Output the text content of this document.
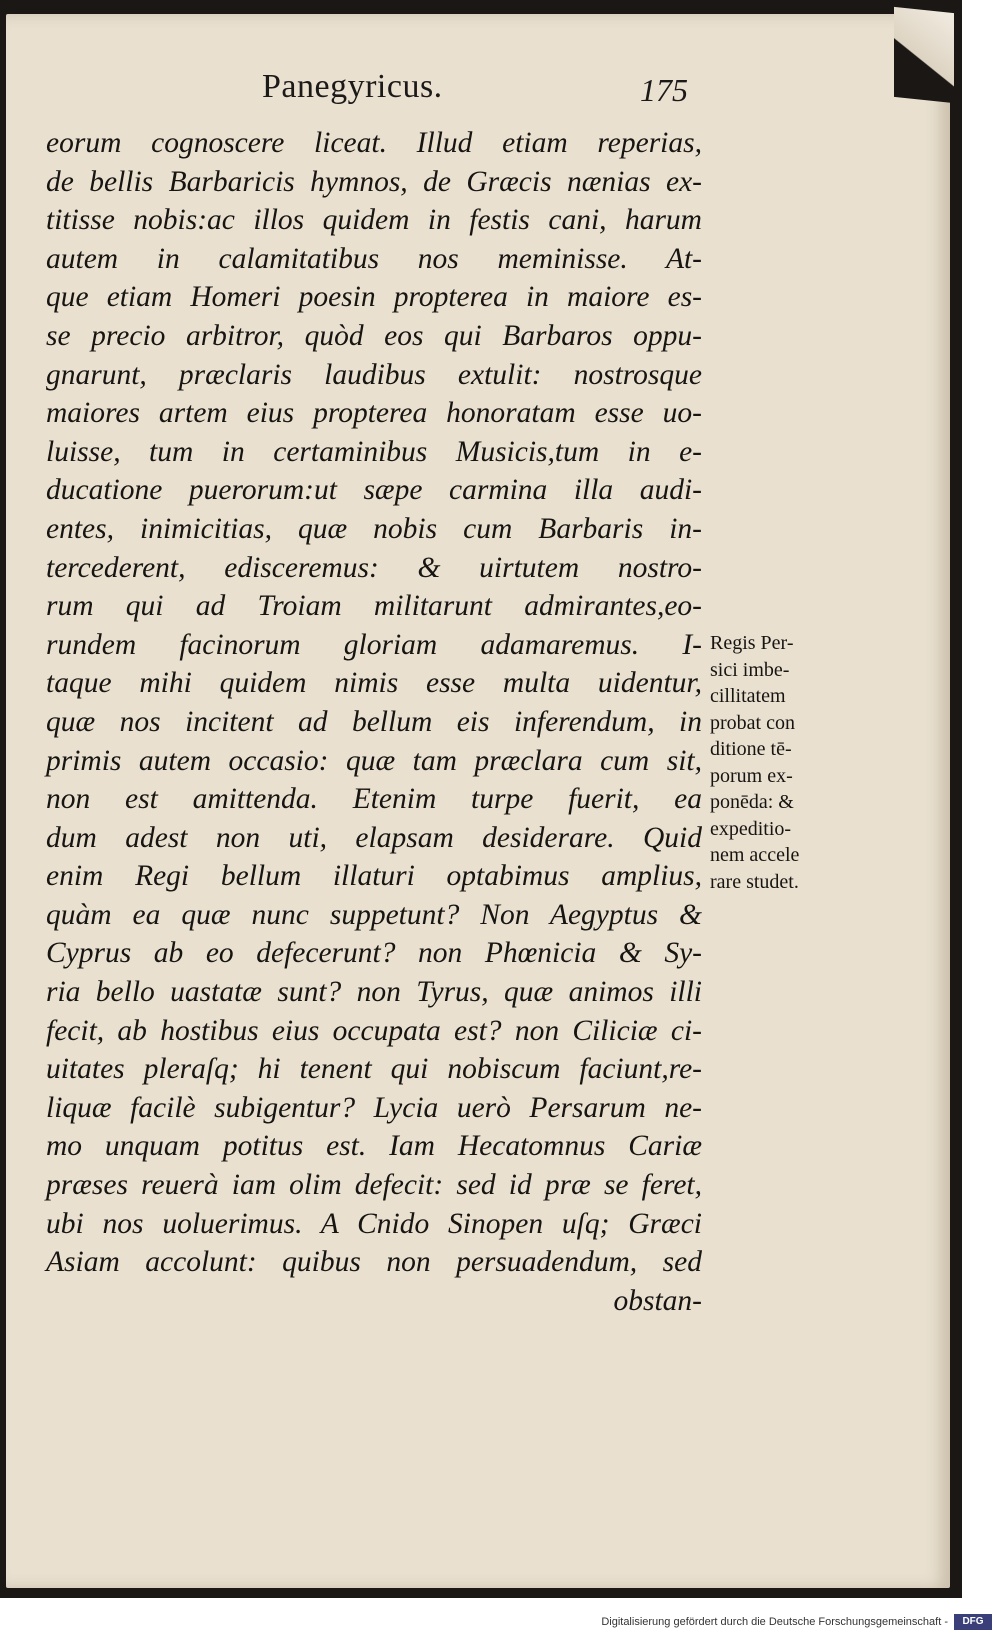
Panegyricus.	175
eorum cognoscere liceat. Illud etiam reperias,
de bellis Barbaricis hymnos, de Græcis nænias ex-
titisse nobis:ac illos quidem in festis cani, harum
autem in calamitatibus nos meminisse. At-
que etiam Homeri poesin propterea in maiore es-
se precio arbitror, quòd eos qui Barbaros oppu-
gnarunt, præclaris laudibus extulit: nostrosque
maiores artem eius propterea honoratam esse uo-
luisse, tum in certaminibus Musicis,tum in e-
ducatione puerorum:ut sæpe carmina illa audi-
entes, inimicitias, quæ nobis cum Barbaris in-
tercederent, edisceremus: & uirtutem nostro-
rum qui ad Troiam militarunt admirantes,eo-
rundem facinorum gloriam adamaremus. I-
taque mihi quidem nimis esse multa uidentur,
quæ nos incitent ad bellum eis inferendum, in
primis autem occasio: quæ tam præclara cum sit,
non est amittenda. Etenim turpe fuerit, ea
dum adest non uti, elapsam desiderare. Quid
enim Regi bellum illaturi optabimus amplius,
quàm ea quæ nunc suppetunt? Non Aegyptus &
Cyprus ab eo defecerunt? non Phœnicia & Sy-
ria bello uastatæ sunt? non Tyrus, quæ animos illi
fecit, ab hostibus eius occupata est? non Ciliciæ ci-
uitates pleraſq; hi tenent qui nobiscum faciunt,re-
liquæ facilè subigentur? Lycia uerò Persarum ne-
mo unquam potitus est. Iam Hecatomnus Cariæ
præses reuerà iam olim defecit: sed id præ se feret,
ubi nos uoluerimus. A Cnido Sinopen uſq; Græci
Asiam accolunt: quibus non persuadendum, sed
obstan-
Regis Per-
sici imbe-
cillitatem
probat con
ditione tē-
porum ex-
ponēda: &
expeditio-
nem accele
rare studet.
Digitalisierung gefördert durch die Deutsche Forschungsgemeinschaft -	DFG
